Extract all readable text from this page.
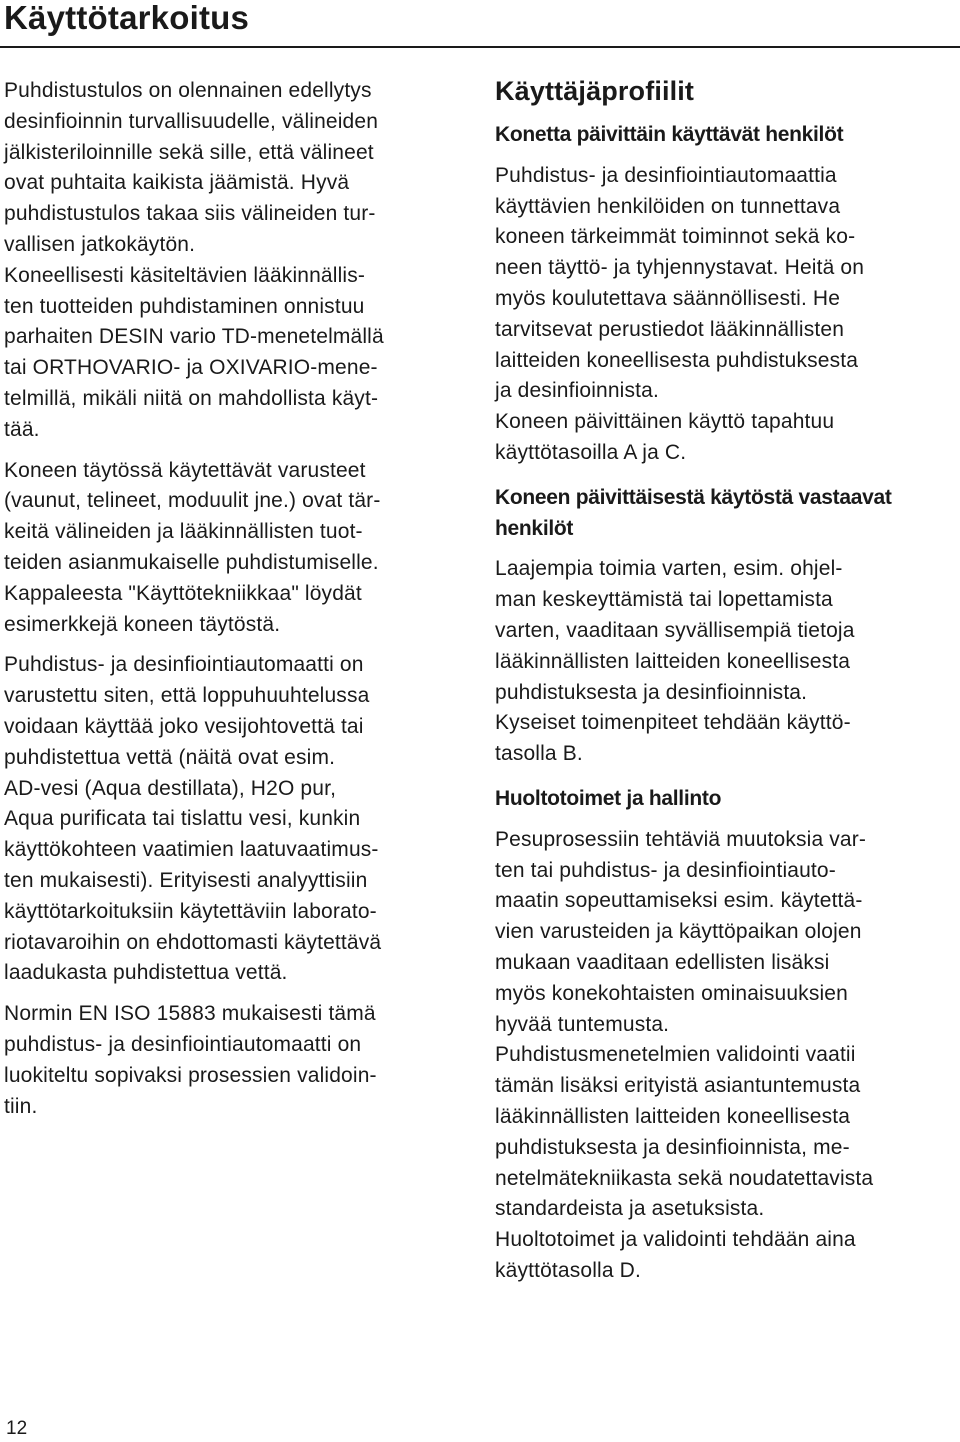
Käyttötarkoitus

Puhdistustulos on olennainen edellytys

desinfioinnin turvallisuudelle, välineiden

jälkisteriloinnille sekä sille, että välineet

ovat puhtaita kaikista jäämistä. Hyvä

puhdistustulos takaa siis välineiden tur-

vallisen jatkokäytön.

Koneellisesti käsiteltävien lääkinnällis-

ten tuotteiden puhdistaminen onnistuu

parhaiten DESIN vario TD-menetelmällä

tai ORTHOVARIO- ja OXIVARIO-mene-

telmillä, mikäli niitä on mahdollista käyt-

tää.

Koneen täytössä käytettävät varusteet

(vaunut, telineet, moduulit jne.) ovat tär-

keitä välineiden ja lääkinnällisten tuot-

teiden asianmukaiselle puhdistumiselle.

Kappaleesta "Käyttötekniikkaa" löydät

esimerkkejä koneen täytöstä.

Puhdistus- ja desinfiointiautomaatti on

varustettu siten, että loppuhuuhtelussa

voidaan käyttää joko vesijohtovettä tai

puhdistettua vettä (näitä ovat esim.

AD-vesi (Aqua destillata), H2O pur,

Aqua purificata tai tislattu vesi, kunkin

käyttökohteen vaatimien laatuvaatimus-

ten mukaisesti). Erityisesti analyyttisiin

käyttötarkoituksiin käytettäviin laborato-

riotavaroihin on ehdottomasti käytettävä

laadukasta puhdistettua vettä.

Normin EN ISO 15883 mukaisesti tämä

puhdistus- ja desinfiointiautomaatti on

luokiteltu sopivaksi prosessien validoin-

tiin.

Käyttäjäprofiilit
Konetta päivittäin käyttävät henkilöt

Puhdistus- ja desinfiointiautomaattia

käyttävien henkilöiden on tunnettava

koneen tärkeimmät toiminnot sekä ko-

neen täyttö- ja tyhjennystavat. Heitä on

myös koulutettava säännöllisesti. He

tarvitsevat perustiedot lääkinnällisten

laitteiden koneellisesta puhdistuksesta

ja desinfioinnista.

Koneen päivittäinen käyttö tapahtuu

käyttötasoilla A ja C.

Koneen päivittäisestä käytöstä vastaavat
henkilöt

Laajempia toimia varten, esim. ohjel-

man keskeyttämistä tai lopettamista

varten, vaaditaan syvällisempiä tietoja

lääkinnällisten laitteiden koneellisesta

puhdistuksesta ja desinfioinnista.

Kyseiset toimenpiteet tehdään käyttö-

tasolla B.

Huoltotoimet ja hallinto

Pesuprosessiin tehtäviä muutoksia var-

ten tai puhdistus- ja desinfiointiauto-

maatin sopeuttamiseksi esim. käytettä-

vien varusteiden ja käyttöpaikan olojen

mukaan vaaditaan edellisten lisäksi

myös konekohtaisten ominaisuuksien

hyvää tuntemusta.

Puhdistusmenetelmien validointi vaatii

tämän lisäksi erityistä asiantuntemusta

lääkinnällisten laitteiden koneellisesta

puhdistuksesta ja desinfioinnista, me-

netelmätekniikasta sekä noudatettavista

standardeista ja asetuksista.

Huoltotoimet ja validointi tehdään aina

käyttötasolla D.

12
